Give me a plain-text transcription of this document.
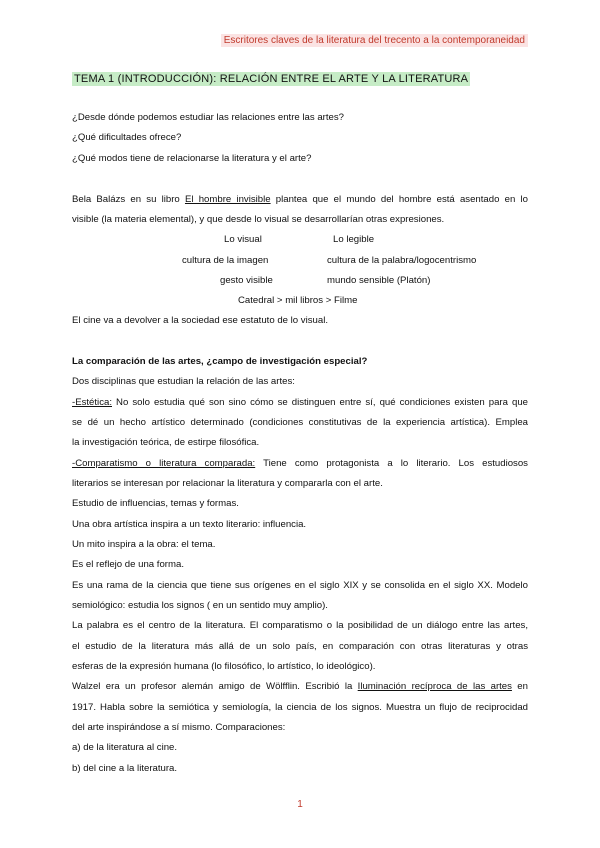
Escritores claves de la literatura del trecento a la contemporaneidad
TEMA 1 (INTRODUCCIÓN): RELACIÓN ENTRE EL ARTE Y LA LITERATURA
¿Desde dónde podemos estudiar las relaciones entre las artes?
¿Qué dificultades ofrece?
¿Qué modos tiene de relacionarse la literatura y el arte?
Bela Balázs en su libro El hombre invisible plantea que el mundo del hombre está asentado en lo
visible (la materia elemental), y que desde lo visual se desarrollarían otras expresiones.
Lo visual	Lo legible
cultura de la imagen	cultura de la palabra/logocentrismo
gesto visible	mundo sensible (Platón)
Catedral > mil libros > Filme
El cine va a devolver a la sociedad ese estatuto de lo visual.
La comparación de las artes, ¿campo de investigación especial?
Dos disciplinas que estudian la relación de las artes:
-Estética: No solo estudia qué son sino cómo se distinguen entre sí, qué condiciones existen para que
se dé un hecho artístico determinado (condiciones constitutivas de la experiencia artística). Emplea
la investigación teórica, de estirpe filosófica.
-Comparatismo o literatura comparada: Tiene como protagonista a lo literario. Los estudiosos
literarios se interesan por relacionar la literatura y compararla con el arte.
Estudio de influencias, temas y formas.
Una obra artística inspira a un texto literario: influencia.
Un mito inspira a la obra: el tema.
Es el reflejo de una forma.
Es una rama de la ciencia que tiene sus orígenes en el siglo XIX y se consolida en el siglo XX. Modelo
semiológico: estudia los signos ( en un sentido muy amplio).
La palabra es el centro de la literatura. El comparatismo o la posibilidad de un diálogo entre las artes,
el estudio de la literatura más allá de un solo país, en comparación con otras literaturas y otras
esferas de la expresión humana (lo filosófico, lo artístico, lo ideológico).
Walzel era un profesor alemán amigo de Wölfflin. Escribió la Iluminación recíproca de las artes en
1917. Habla sobre la semiótica y semiología, la ciencia de los signos. Muestra un flujo de reciprocidad
del arte inspirándose a sí mismo. Comparaciones:
a) de la literatura al cine.
b) del cine a la literatura.
1
